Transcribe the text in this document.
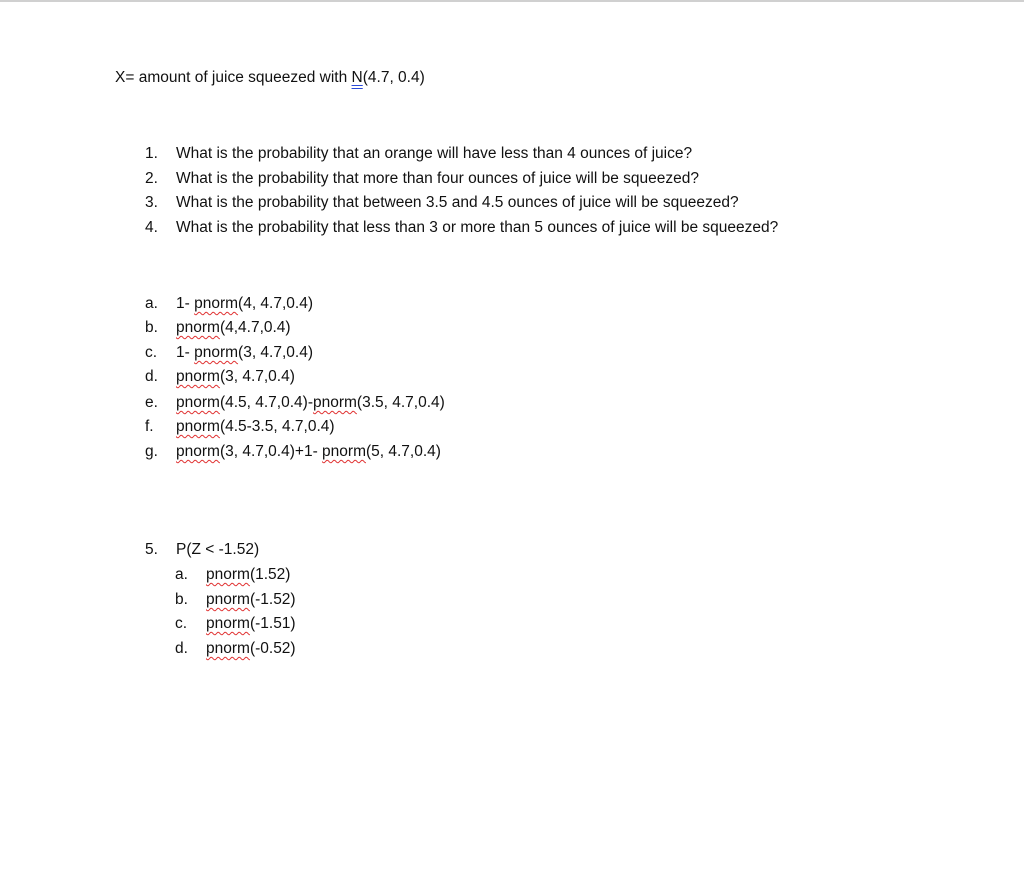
X= amount of juice squeezed with N(4.7, 0.4)
1. What is the probability that an orange will have less than 4 ounces of juice?
2. What is the probability that more than four ounces of juice will be squeezed?
3. What is the probability that between 3.5 and 4.5 ounces of juice will be squeezed?
4. What is the probability that less than 3 or more than 5 ounces of juice will be squeezed?
a. 1- pnorm(4, 4.7,0.4)
b. pnorm(4,4.7,0.4)
c. 1- pnorm(3, 4.7,0.4)
d. pnorm(3, 4.7,0.4)
e. pnorm(4.5, 4.7,0.4)-pnorm(3.5, 4.7,0.4)
f. pnorm(4.5-3.5, 4.7,0.4)
g. pnorm(3, 4.7,0.4)+1- pnorm(5, 4.7,0.4)
5. P(Z < -1.52)
a. pnorm(1.52)
b. pnorm(-1.52)
c. pnorm(-1.51)
d. pnorm(-0.52)
